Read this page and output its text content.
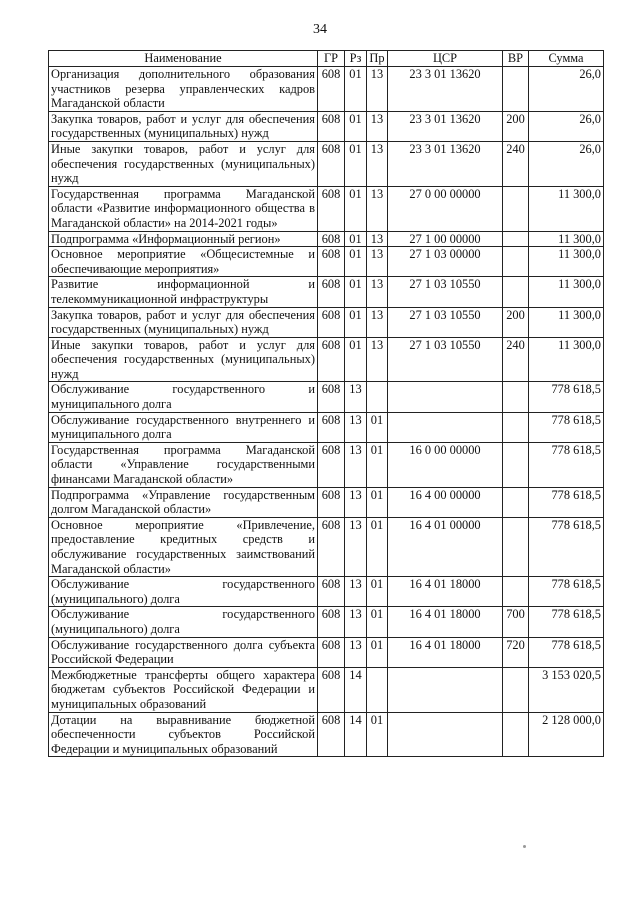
34
Наименование	ГР	Рз	Пр	ЦСР	ВР	Сумма
Организация дополнительного образования участников резерва управленческих кадров Магаданской области	608	01	13	23 3 01 13620		26,0
Закупка товаров, работ и услуг для обеспечения государственных (муниципальных) нужд	608	01	13	23 3 01 13620	200	26,0
Иные закупки товаров, работ и услуг для обеспечения государственных (муниципальных) нужд	608	01	13	23 3 01 13620	240	26,0
Государственная программа Магаданской области «Развитие информационного общества в Магаданской области» на 2014-2021 годы»	608	01	13	27 0 00 00000		11 300,0
Подпрограмма «Информационный регион»	608	01	13	27 1 00 00000		11 300,0
Основное мероприятие «Общесистемные и обеспечивающие мероприятия»	608	01	13	27 1 03 00000		11 300,0
Развитие информационной и телекоммуникационной инфраструктуры	608	01	13	27 1 03 10550		11 300,0
Закупка товаров, работ и услуг для обеспечения государственных (муниципальных) нужд	608	01	13	27 1 03 10550	200	11 300,0
Иные закупки товаров, работ и услуг для обеспечения государственных (муниципальных) нужд	608	01	13	27 1 03 10550	240	11 300,0
Обслуживание государственного и муниципального долга	608	13				778 618,5
Обслуживание государственного внутреннего и муниципального долга	608	13	01			778 618,5
Государственная программа Магаданской области «Управление государственными финансами Магаданской области»	608	13	01	16 0 00 00000		778 618,5
Подпрограмма «Управление государственным долгом Магаданской области»	608	13	01	16 4 00 00000		778 618,5
Основное мероприятие «Привлечение, предоставление кредитных средств и обслуживание государственных заимствований Магаданской области»	608	13	01	16 4 01 00000		778 618,5
Обслуживание государственного (муниципального) долга	608	13	01	16 4 01 18000		778 618,5
Обслуживание государственного (муниципального) долга	608	13	01	16 4 01 18000	700	778 618,5
Обслуживание государственного долга субъекта Российской Федерации	608	13	01	16 4 01 18000	720	778 618,5
Межбюджетные трансферты общего характера бюджетам субъектов Российской Федерации и муниципальных образований	608	14				3 153 020,5
Дотации на выравнивание бюджетной обеспеченности субъектов Российской Федерации и муниципальных образований	608	14	01			2 128 000,0
